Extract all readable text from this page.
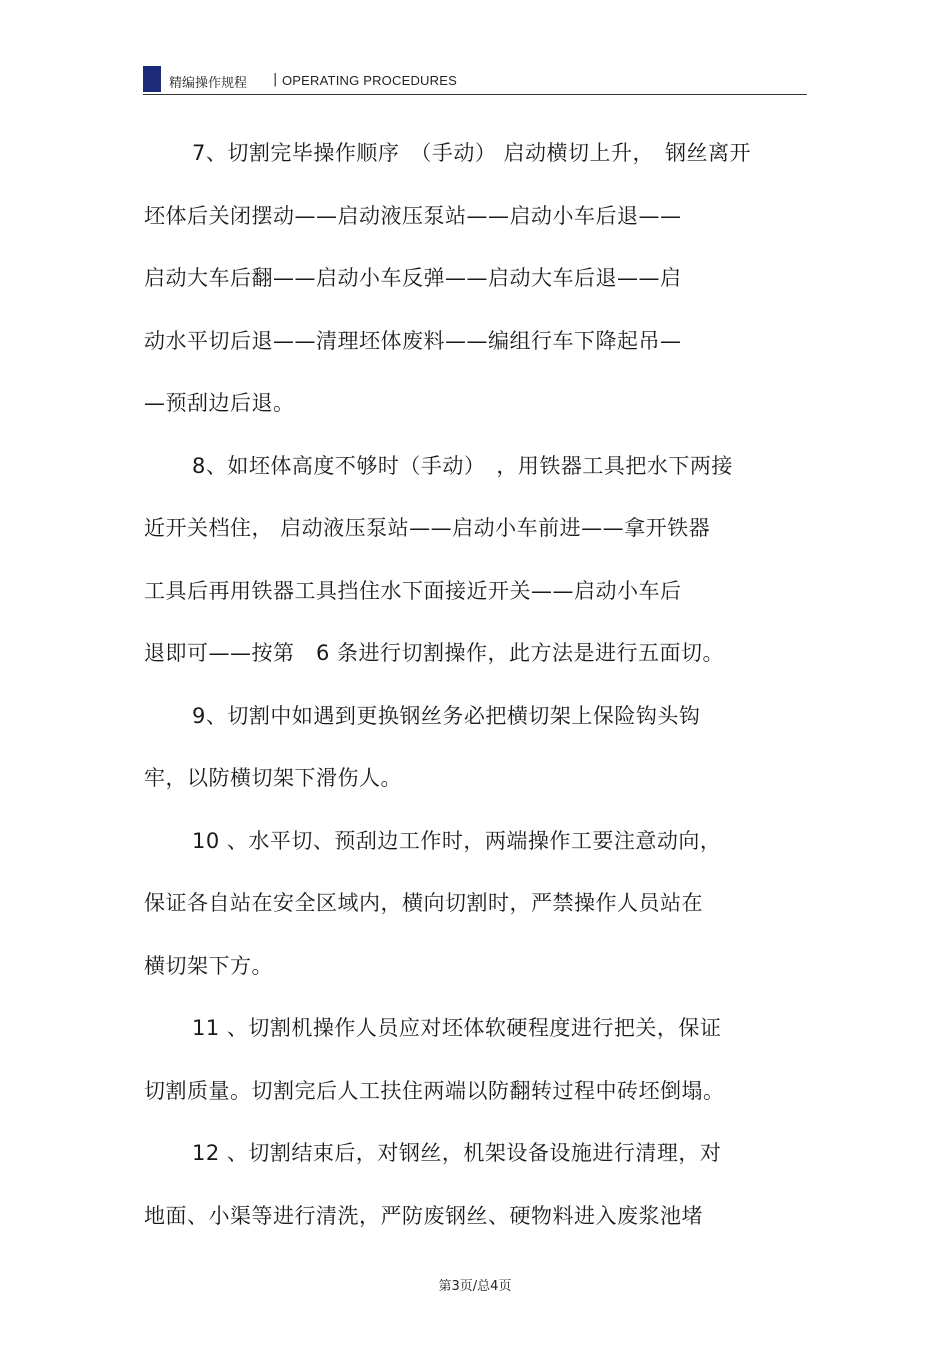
精编操作规程 | OPERATING PROCEDURES
7、切割完毕操作顺序　（手动） 启动横切上升，　钢丝离开
坯体后关闭摆动——启动液压泵站——启动小车后退——
启动大车后翻——启动小车反弹——启动大车后退——启
动水平切后退——清理坯体废料——编组行车下降起吊—
—预刮边后退。
8、如坯体高度不够时（手动）　，用铁器工具把水下两接
近开关档住， 启动液压泵站——启动小车前进——拿开铁器
工具后再用铁器工具挡住水下面接近开关——启动小车后
退即可——按第　6 条进行切割操作，此方法是进行五面切。
9、切割中如遇到更换钢丝务必把横切架上保险钩头钩
牢，以防横切架下滑伤人。
10 、水平切、预刮边工作时，两端操作工要注意动向，
保证各自站在安全区域内，横向切割时，严禁操作人员站在
横切架下方。
11 、切割机操作人员应对坯体软硬程度进行把关，保证
切割质量。切割完后人工扶住两端以防翻转过程中砖坯倒塌。
12 、切割结束后，对钢丝，机架设备设施进行清理，对
地面、小渠等进行清洗，严防废钢丝、硬物料进入废浆池堵
第3页/总4页
